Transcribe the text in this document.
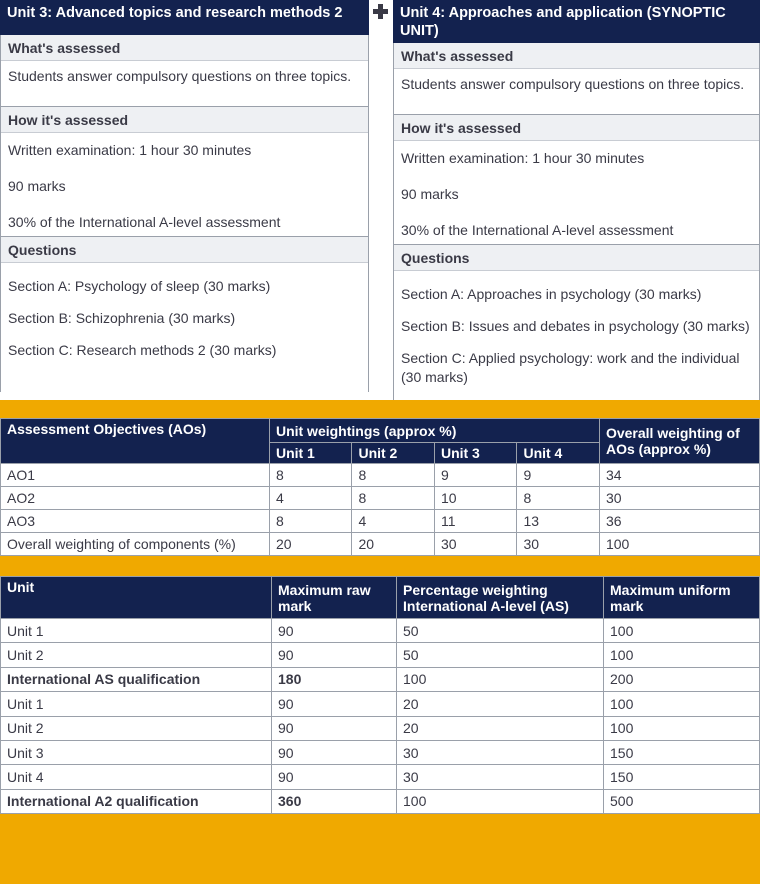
Unit 3: Advanced topics and research methods 2
What's assessed

Students answer compulsory questions on three topics.

How it's assessed

Written examination: 1 hour 30 minutes

90 marks

30% of the International A-level assessment

Questions

Section A: Psychology of sleep (30 marks)

Section B: Schizophrenia (30 marks)

Section C: Research methods 2 (30 marks)

Unit 4: Approaches and application (SYNOPTIC UNIT)
What's assessed

Students answer compulsory questions on three topics.

How it's assessed

Written examination: 1 hour 30 minutes

90 marks

30% of the International A-level assessment

Questions

Section A: Approaches in psychology (30 marks)

Section B: Issues and debates in psychology (30 marks)

Section C: Applied psychology: work and the individual (30 marks)

Assessment Objectives (AOs)	Unit weightings (approx %)				Overall weighting of AOs (approx %)
	Unit 1	Unit 2	Unit 3	Unit 4	
AO1	8	8	9	9	34
AO2	4	8	10	8	30
AO3	8	4	11	13	36
Overall weighting of components (%)	20	20	30	30	100
Unit	Maximum raw mark	Percentage weighting International A-level (AS)	Maximum uniform mark
Unit 1	90	50	100
Unit 2	90	50	100
International AS qualification	180	100	200
Unit 1	90	20	100
Unit 2	90	20	100
Unit 3	90	30	150
Unit 4	90	30	150
International A2 qualification	360	100	500
